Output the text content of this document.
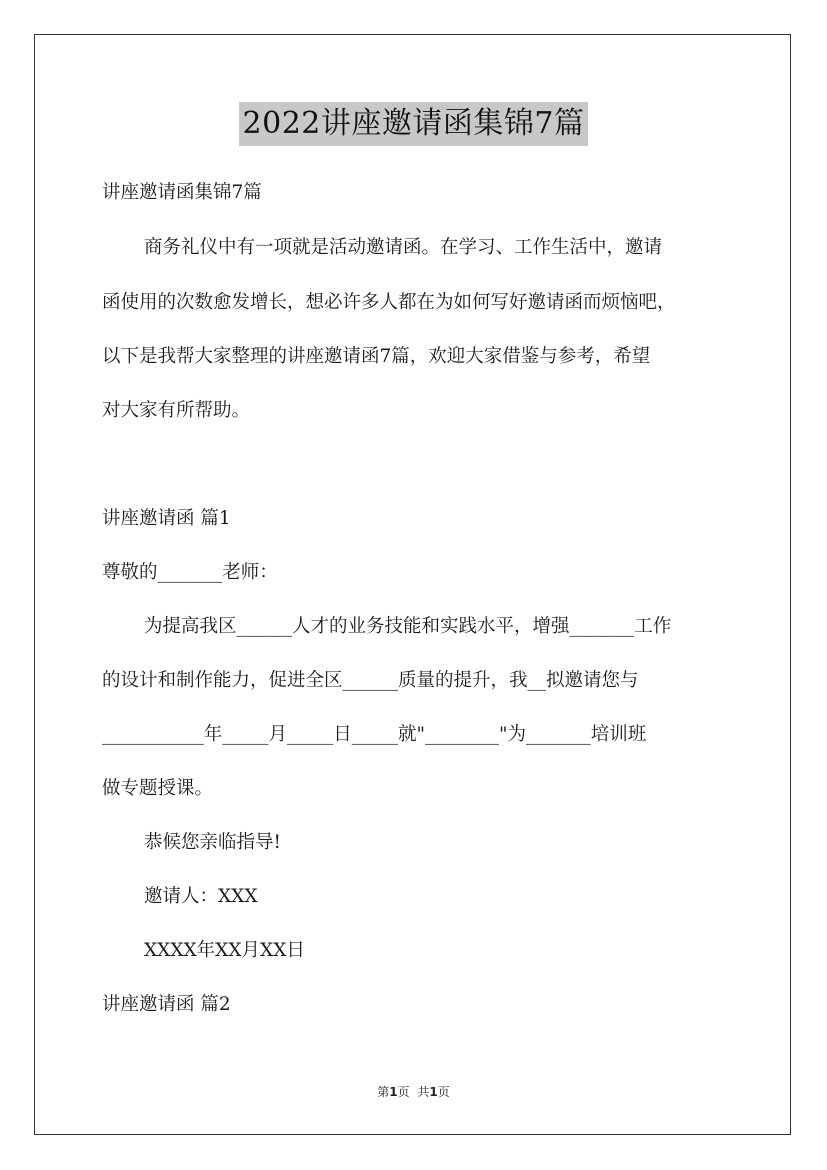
2022讲座邀请函集锦7篇
讲座邀请函集锦7篇
商务礼仪中有一项就是活动邀请函。在学习、工作生活中，邀请
函使用的次数愈发增长，想必许多人都在为如何写好邀请函而烦恼吧，
以下是我帮大家整理的讲座邀请函7篇，欢迎大家借鉴与参考，希望
对大家有所帮助。
讲座邀请函 篇1
尊敬的_______老师：
为提高我区______人才的业务技能和实践水平，增强_______工作
的设计和制作能力，促进全区______质量的提升，我__拟邀请您与
___________年_____月_____日_____就"________"为_______培训班
做专题授课。
恭候您亲临指导!
邀请人：XXX
XXXX年XX月XX日
讲座邀请函 篇2
第1页 共1页
